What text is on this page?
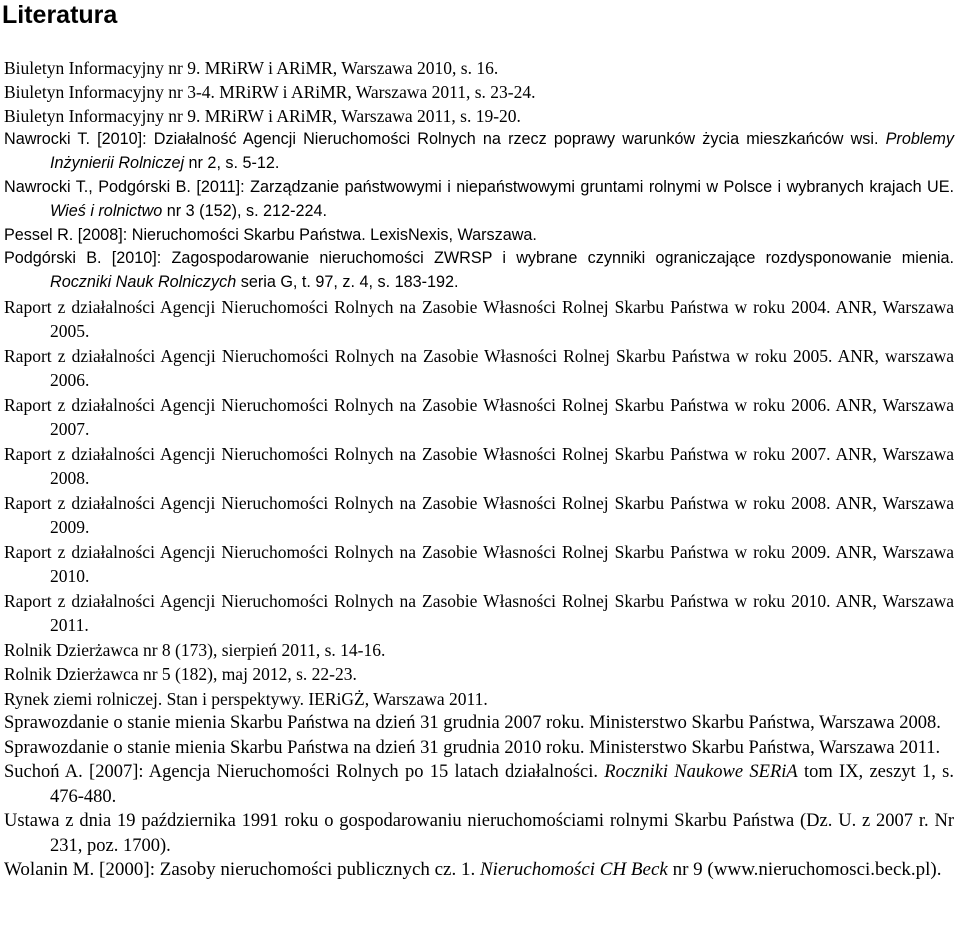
Literatura

Biuletyn Informacyjny nr 9. MRiRW i ARiMR, Warszawa 2010, s. 16.

Biuletyn Informacyjny nr 3-4. MRiRW i ARiMR, Warszawa 2011, s. 23-24.

Biuletyn Informacyjny nr 9. MRiRW i ARiMR, Warszawa 2011, s. 19-20.

Nawrocki T. [2010]: Działalność Agencji Nieruchomości Rolnych na rzecz poprawy warunków życia mieszkańców wsi. Problemy Inżynierii Rolniczej nr 2, s. 5-12.

Nawrocki T., Podgórski B. [2011]: Zarządzanie państwowymi i niepaństwowymi gruntami rolnymi w Polsce i wybranych krajach UE. Wieś i rolnictwo nr 3 (152), s. 212-224.

Pessel R. [2008]: Nieruchomości Skarbu Państwa. LexisNexis, Warszawa.

Podgórski B. [2010]: Zagospodarowanie nieruchomości ZWRSP i wybrane czynniki ograniczające rozdysponowanie mienia. Roczniki Nauk Rolniczych seria G, t. 97, z. 4, s. 183-192.

Raport z działalności Agencji Nieruchomości Rolnych na Zasobie Własności Rolnej Skarbu Państwa w roku 2004. ANR, Warszawa 2005.

Raport z działalności Agencji Nieruchomości Rolnych na Zasobie Własności Rolnej Skarbu Państwa w roku 2005. ANR, warszawa 2006.

Raport z działalności Agencji Nieruchomości Rolnych na Zasobie Własności Rolnej Skarbu Państwa w roku 2006. ANR, Warszawa 2007.

Raport z działalności Agencji Nieruchomości Rolnych na Zasobie Własności Rolnej Skarbu Państwa w roku 2007. ANR, Warszawa 2008.

Raport z działalności Agencji Nieruchomości Rolnych na Zasobie Własności Rolnej Skarbu Państwa w roku 2008. ANR, Warszawa 2009.

Raport z działalności Agencji Nieruchomości Rolnych na Zasobie Własności Rolnej Skarbu Państwa w roku 2009. ANR, Warszawa 2010.

Raport z działalności Agencji Nieruchomości Rolnych na Zasobie Własności Rolnej Skarbu Państwa w roku 2010. ANR, Warszawa 2011.

Rolnik Dzierżawca nr 8 (173), sierpień 2011, s. 14-16.

Rolnik Dzierżawca nr 5 (182), maj 2012, s. 22-23.

Rynek ziemi rolniczej. Stan i perspektywy. IERiGŻ, Warszawa 2011.

Sprawozdanie o stanie mienia Skarbu Państwa na dzień 31 grudnia 2007 roku. Ministerstwo Skarbu Państwa, Warszawa 2008.

Sprawozdanie o stanie mienia Skarbu Państwa na dzień 31 grudnia 2010 roku. Ministerstwo Skarbu Państwa, Warszawa 2011.

Suchoń A. [2007]: Agencja Nieruchomości Rolnych po 15 latach działalności. Roczniki Naukowe SERiA tom IX, zeszyt 1, s. 476-480.

Ustawa z dnia 19 października 1991 roku o gospodarowaniu nieruchomościami rolnymi Skarbu Państwa (Dz. U. z 2007 r. Nr 231, poz. 1700).

Wolanin M. [2000]: Zasoby nieruchomości publicznych cz. 1. Nieruchomości CH Beck nr 9 (www.nieruchomosci.beck.pl).
